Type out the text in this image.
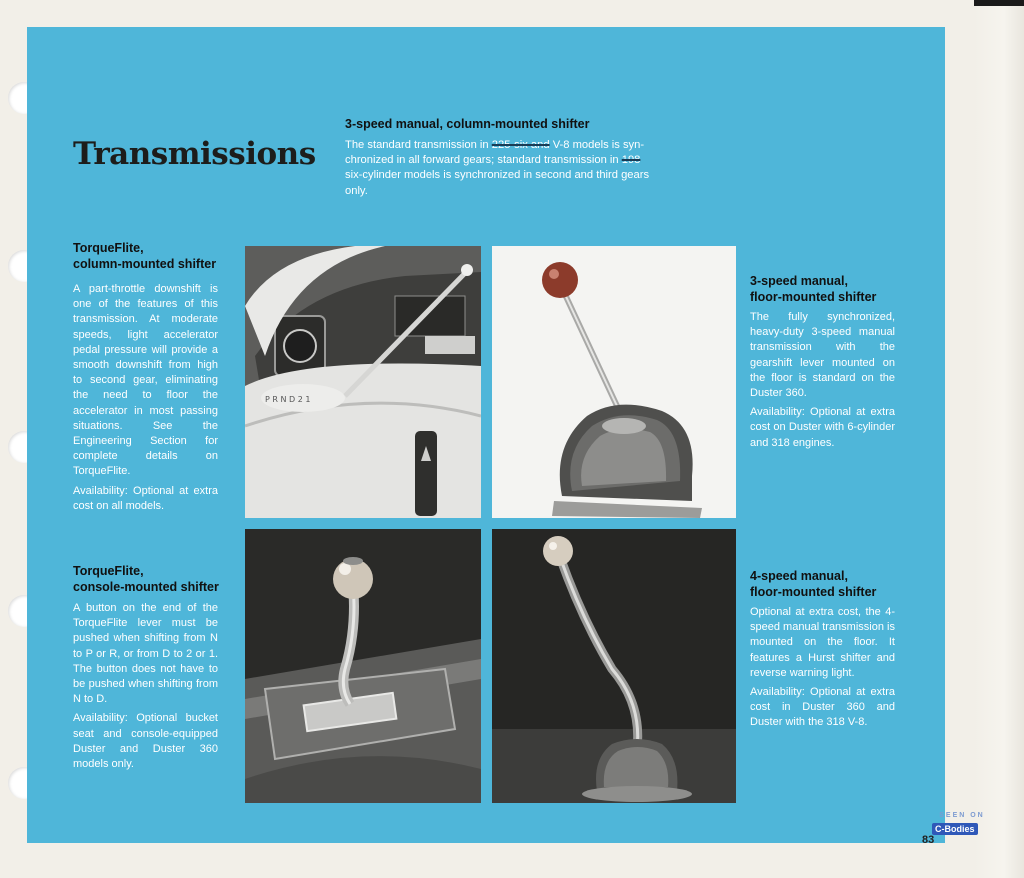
Transmissions
3-speed manual, column-mounted shifter
The standard transmission in 225-six and V-8 models is syn-
chronized in all forward gears; standard transmission in 198
six-cylinder models is synchronized in second and third gears
only.
TorqueFlite,
column-mounted shifter

A part-throttle downshift is one of the features of this transmission. At moderate speeds, light accelerator pedal pressure will provide a smooth downshift from high to second gear, eliminating the need to floor the accelerator in most passing situations. See the Engineering Section for complete details on TorqueFlite.

Availability: Optional at extra cost on all models.

TorqueFlite,
console-mounted shifter

A button on the end of the TorqueFlite lever must be pushed when shifting from N to P or R, or from D to 2 or 1. The button does not have to be pushed when shifting from N to D.

Availability: Optional bucket seat and console-equipped Duster and Duster 360 models only.

3-speed manual,
floor-mounted shifter

The fully synchronized, heavy-duty 3-speed manual transmission with the gearshift lever mounted on the floor is standard on the Duster 360.

Availability: Optional at extra cost on Duster with 6-cylinder and 318 engines.

4-speed manual,
floor-mounted shifter

Optional at extra cost, the 4-speed manual transmission is mounted on the floor. It features a Hurst shifter and reverse warning light.

Availability: Optional at extra cost in Duster 360 and Duster with the 318 V-8.

P R N D 2 1
SEEN ON
C-Bodies
83
